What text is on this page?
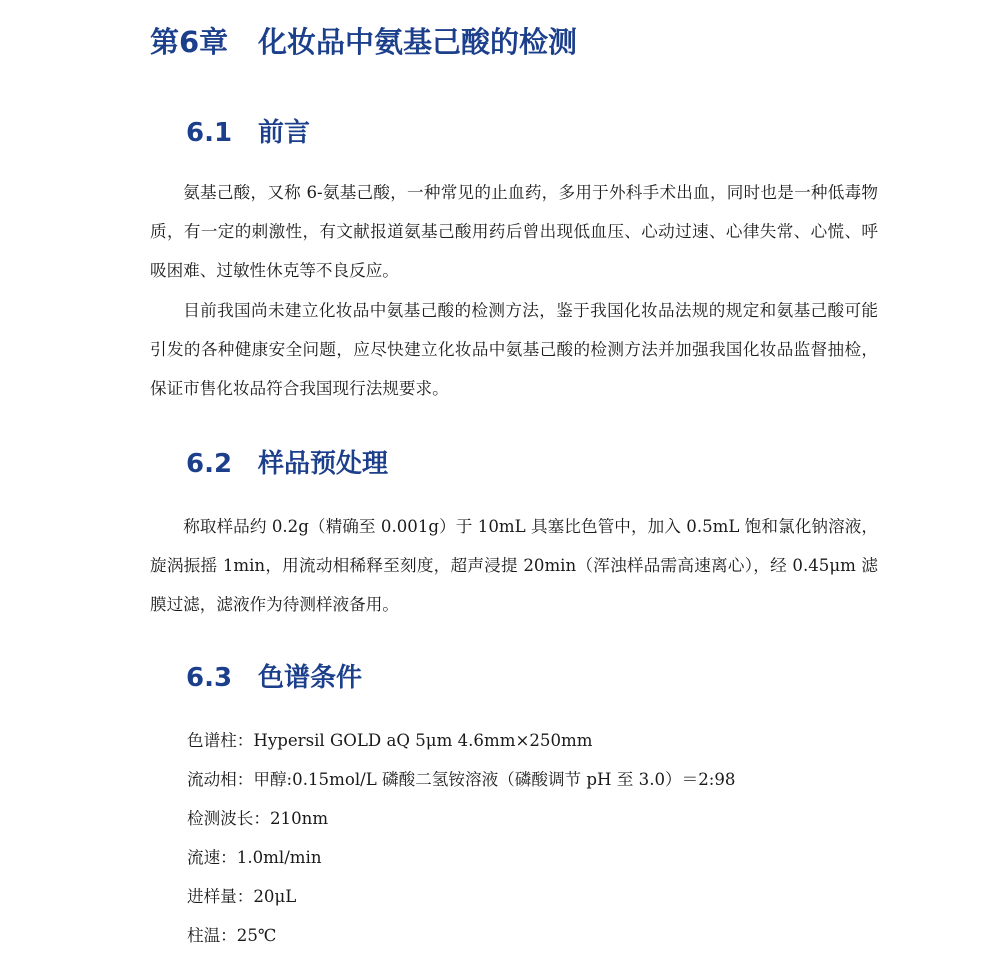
第6章 化妆品中氨基己酸的检测
6.1 前言

氨基己酸，又称 6-氨基己酸，一种常见的止血药，多用于外科手术出血，同时也是一种低毒物质，有一定的刺激性，有文献报道氨基己酸用药后曾出现低血压、心动过速、心律失常、心慌、呼吸困难、过敏性休克等不良反应。

目前我国尚未建立化妆品中氨基己酸的检测方法，鉴于我国化妆品法规的规定和氨基己酸可能引发的各种健康安全问题，应尽快建立化妆品中氨基己酸的检测方法并加强我国化妆品监督抽检，保证市售化妆品符合我国现行法规要求。

6.2 样品预处理

称取样品约 0.2g（精确至 0.001g）于 10mL 具塞比色管中，加入 0.5mL 饱和氯化钠溶液，旋涡振摇 1min，用流动相稀释至刻度，超声浸提 20min（浑浊样品需高速离心），经 0.45μm 滤膜过滤，滤液作为待测样液备用。

6.3 色谱条件

色谱柱：Hypersil GOLD aQ 5μm 4.6mm×250mm

流动相：甲醇:0.15mol/L 磷酸二氢铵溶液（磷酸调节 pH 至 3.0）＝2:98

检测波长：210nm

流速：1.0ml/min

进样量：20μL

柱温：25℃
